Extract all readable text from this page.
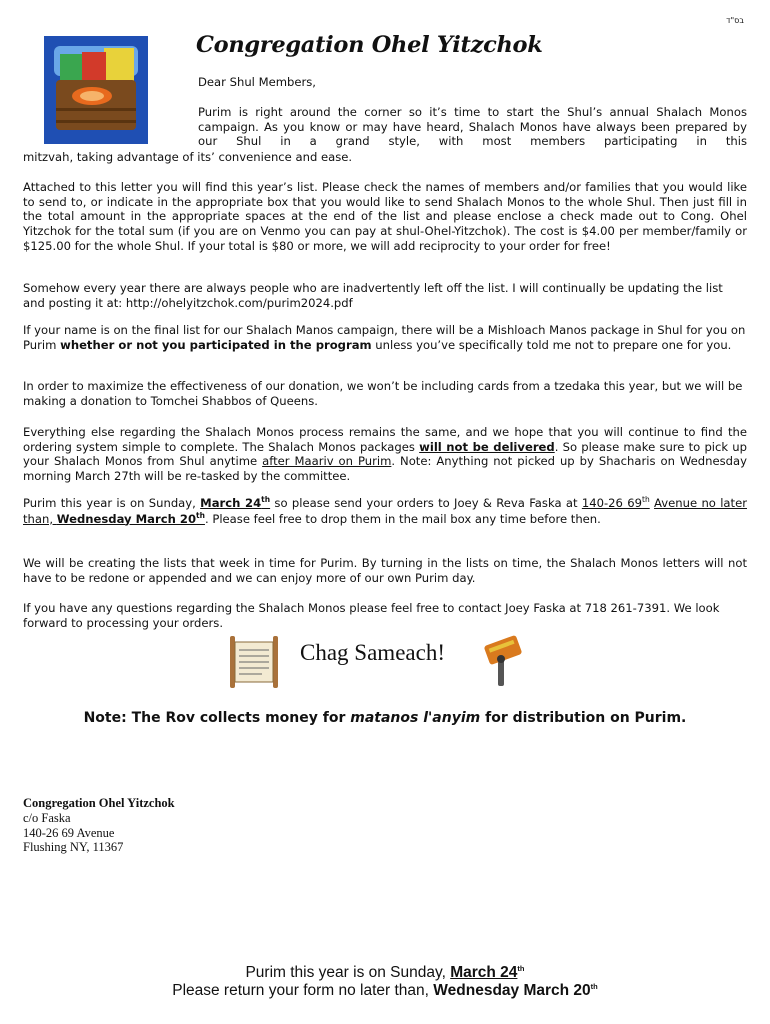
בס"ד
Congregation Ohel Yitzchok

Dear Shul Members,

Purim is right around the corner so it’s time to start the Shul’s annual Shalach Monos campaign. As you know or may have heard, Shalach Monos have always been prepared by our Shul in a grand style, with most members participating in this

mitzvah, taking advantage of its’ convenience and ease.

Attached to this letter you will find this year’s list. Please check the names of members and/or families that you would like to send to, or indicate in the appropriate box that you would like to send Shalach Monos to the whole Shul. Then just fill in the total amount in the appropriate spaces at the end of the list and please enclose a check made out to Cong. Ohel Yitzchok for the total sum (if you are on Venmo you can pay at shul-Ohel-Yitzchok). The cost is $4.00 per member/family or $125.00 for the whole Shul. If your total is $80 or more, we will add reciprocity to your order for free!

Somehow every year there are always people who are inadvertently left off the list. I will continually be updating the list and posting it at: http://ohelyitzchok.com/purim2024.pdf

If your name is on the final list for our Shalach Manos campaign, there will be a Mishloach Manos package in Shul for you on Purim whether or not you participated in the program unless you’ve specifically told me not to prepare one for you.

In order to maximize the effectiveness of our donation, we won’t be including cards from a tzedaka this year, but we will be making a donation to Tomchei Shabbos of Queens.

Everything else regarding the Shalach Monos process remains the same, and we hope that you will continue to find the ordering system simple to complete. The Shalach Monos packages will not be delivered. So please make sure to pick up your Shalach Monos from Shul anytime after Maariv on Purim. Note: Anything not picked up by Shacharis on Wednesday morning March 27th will be re-tasked by the committee.

Purim this year is on Sunday, March 24th so please send your orders to Joey & Reva Faska at 140-26 69th Avenue no later than, Wednesday March 20th. Please feel free to drop them in the mail box any time before then.

We will be creating the lists that week in time for Purim. By turning in the lists on time, the Shalach Monos letters will not have to be redone or appended and we can enjoy more of our own Purim day.

If you have any questions regarding the Shalach Monos please feel free to contact Joey Faska at 718 261-7391. We look forward to processing your orders.

Chag Sameach!
Note: The Rov collects money for matanos l'anyim for distribution on Purim.
Congregation Ohel Yitzchok
c/o Faska
140-26 69 Avenue
Flushing NY, 11367
Purim this year is on Sunday, March 24th
Please return your form no later than, Wednesday March 20th
